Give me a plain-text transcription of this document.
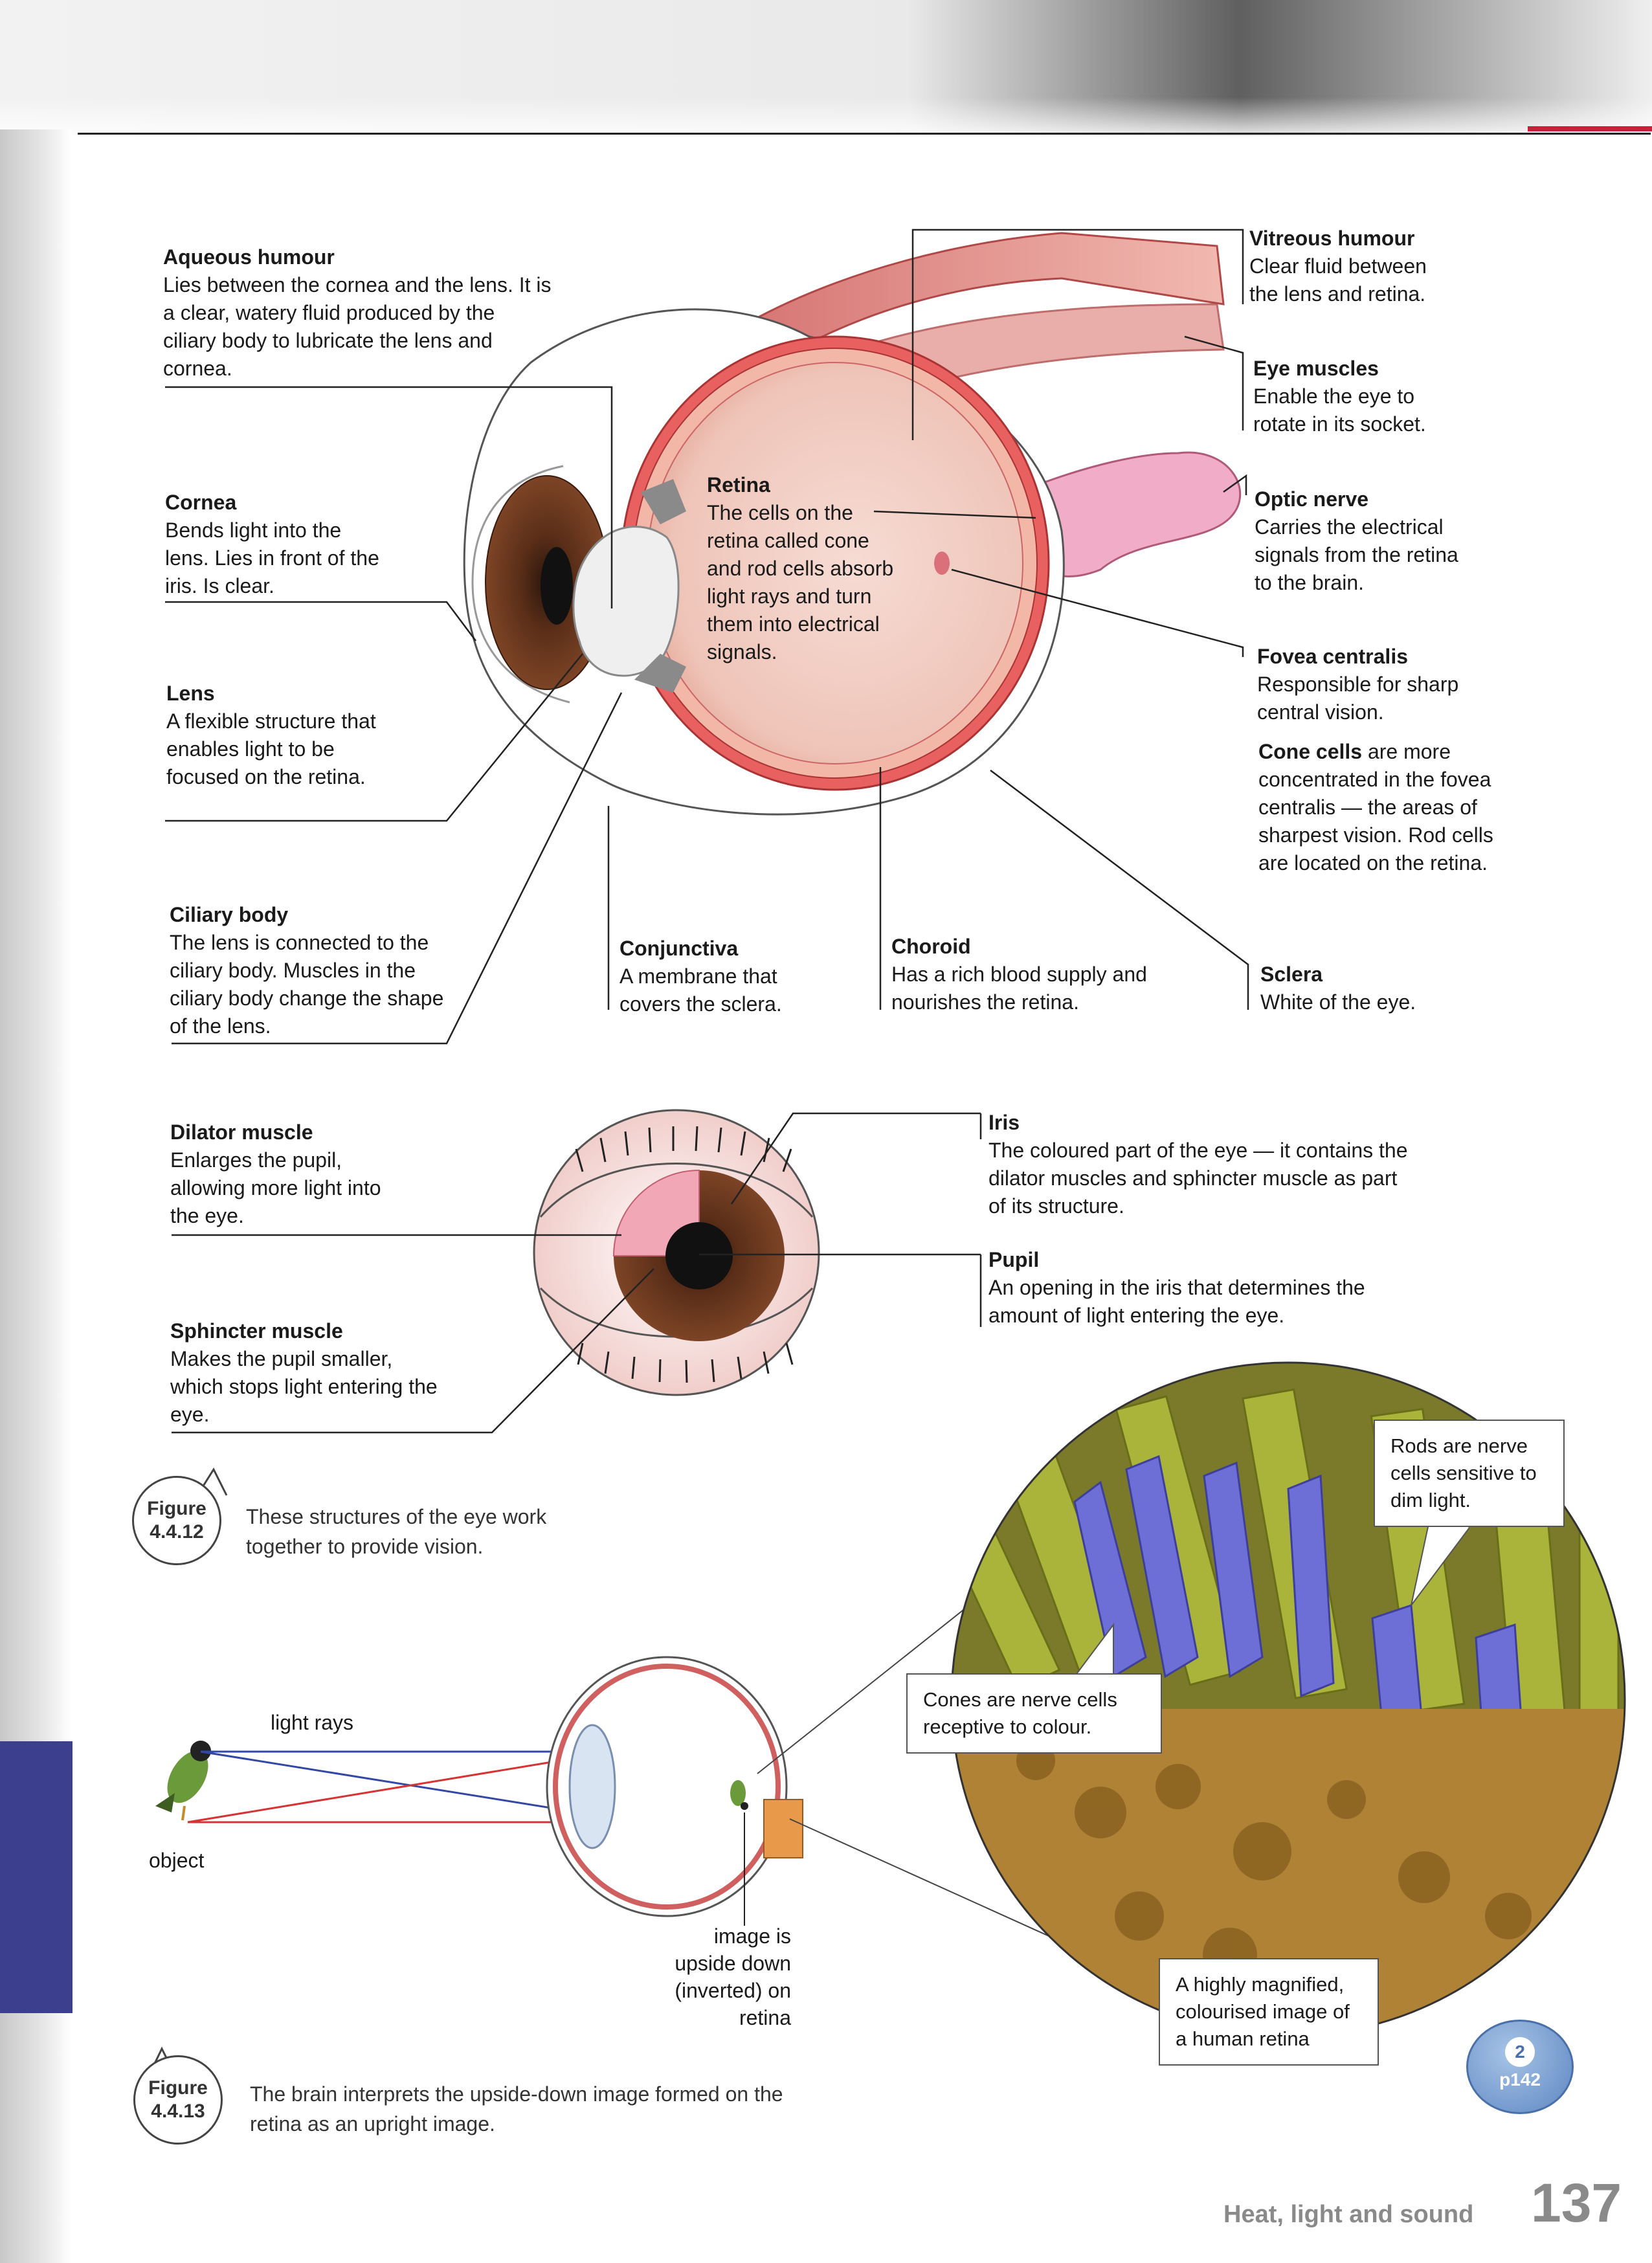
Aqueous humour
Lies between the cornea and the lens. It is a clear, watery fluid produced by the ciliary body to lubricate the lens and cornea.
Cornea
Bends light into the lens. Lies in front of the iris. Is clear.
Lens
A flexible structure that enables light to be focused on the retina.
Ciliary body
The lens is connected to the ciliary body. Muscles in the ciliary body change the shape of the lens.
Retina
The cells on the retina called cone and rod cells absorb light rays and turn them into electrical signals.
Conjunctiva
A membrane that covers the sclera.
Choroid
Has a rich blood supply and nourishes the retina.
Vitreous humour
Clear fluid between the lens and retina.
Eye muscles
Enable the eye to rotate in its socket.
Optic nerve
Carries the electrical signals from the retina to the brain.
Fovea centralis
Responsible for sharp central vision.
Cone cells are more concentrated in the fovea centralis — the areas of sharpest vision. Rod cells are located on the retina.
Sclera
White of the eye.
Dilator muscle
Enlarges the pupil, allowing more light into the eye.
Sphincter muscle
Makes the pupil smaller, which stops light entering the eye.
Iris
The coloured part of the eye — it contains the dilator muscles and sphincter muscle as part of its structure.
Pupil
An opening in the iris that determines the amount of light entering the eye.
Figure
4.4.12
These structures of the eye work together to provide vision.
Figure
4.4.13
The brain interprets the upside-down image formed on the retina as an upright image.
light rays
object
image is upside down (inverted) on retina
Rods are nerve cells sensitive to dim light.
Cones are nerve cells receptive to colour.
A highly magnified, colourised image of a human retina
2
p142
Heat, light and sound 137
